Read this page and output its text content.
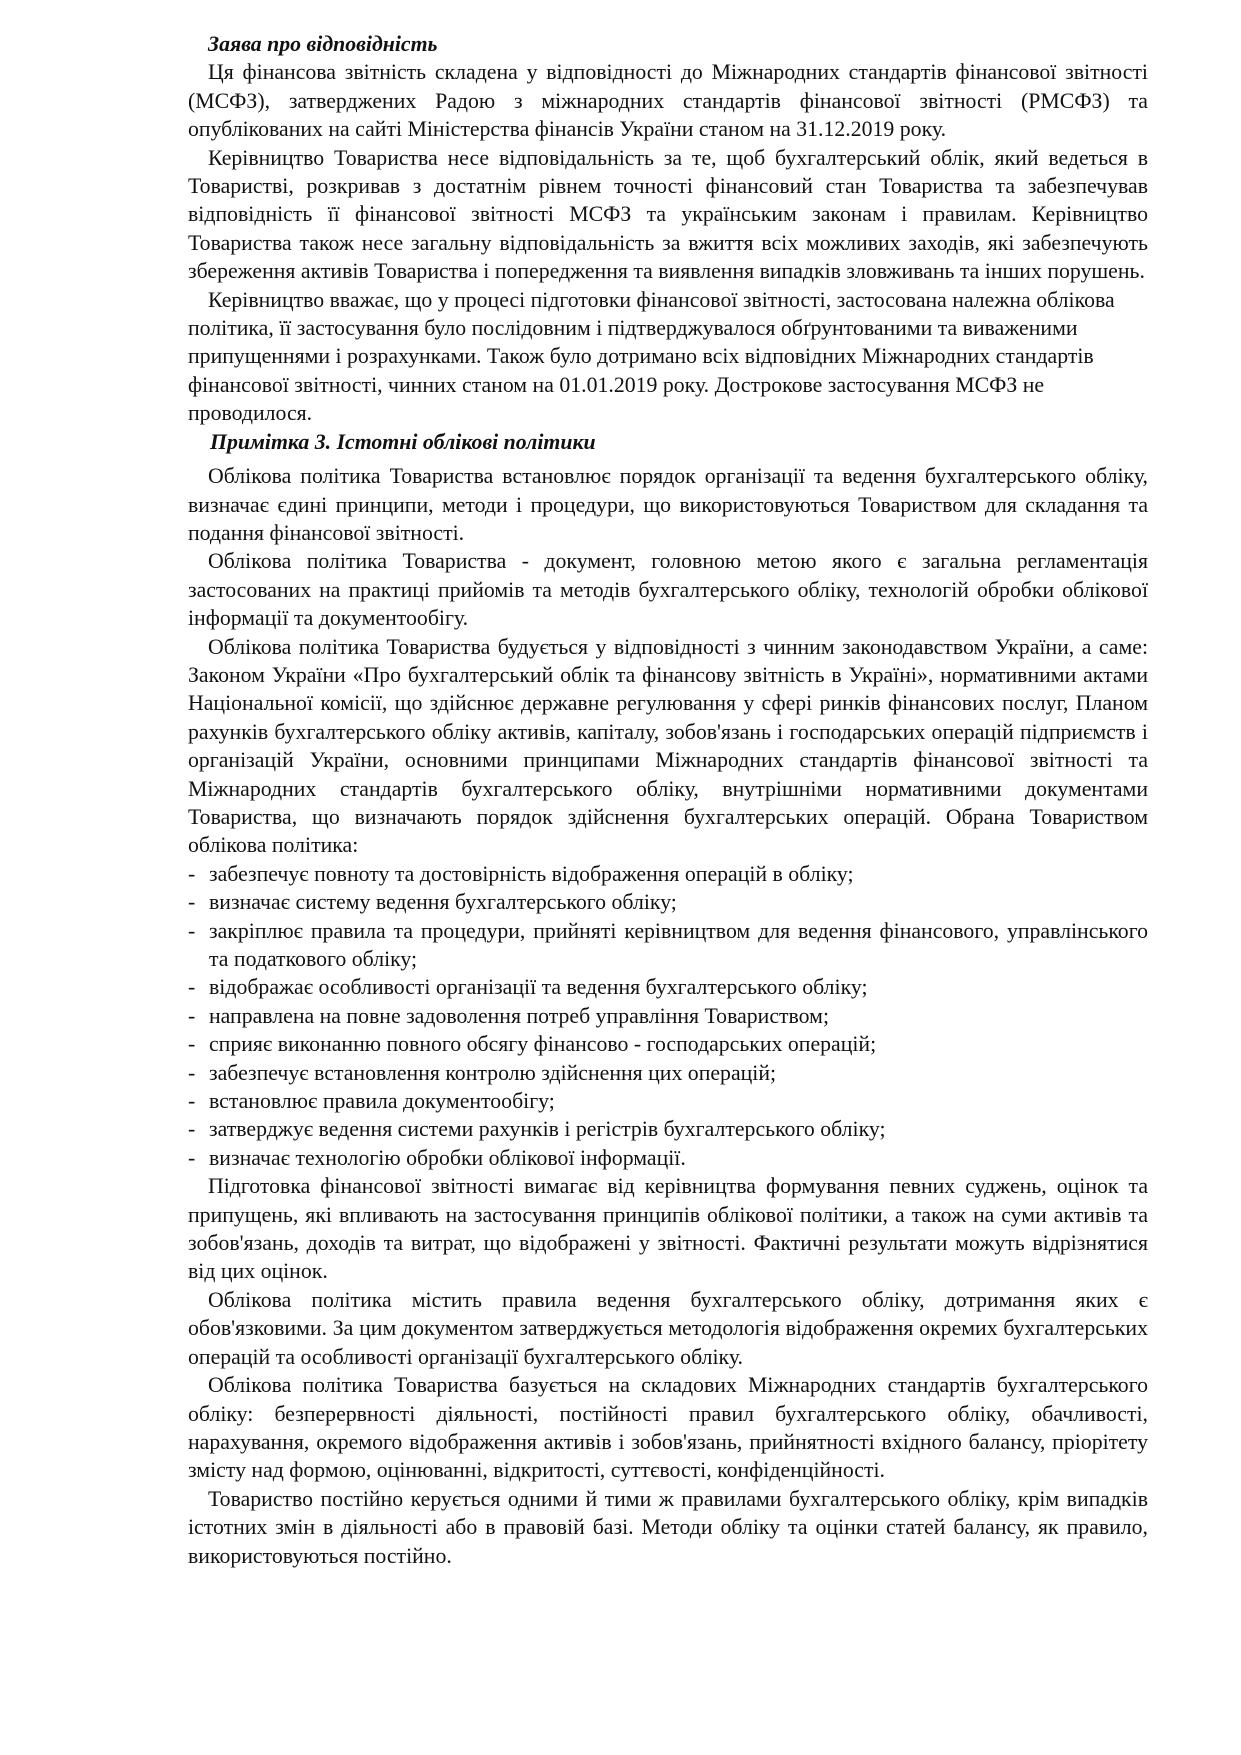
Заява про відповідність

Ця фінансова звітність складена у відповідності до Міжнародних стандартів фінансової звітності (МСФЗ), затверджених Радою з міжнародних стандартів фінансової звітності (РМСФЗ) та опублікованих на сайті Міністерства фінансів України станом на 31.12.2019 року.

Керівництво Товариства несе відповідальність за те, щоб бухгалтерський облік, який ведеться в Товаристві, розкривав з достатнім рівнем точності фінансовий стан Товариства та забезпечував відповідність її фінансової звітності МСФЗ та українським законам і правилам. Керівництво Товариства також несе загальну відповідальність за вжиття всіх можливих заходів, які забезпечують збереження активів Товариства і попередження та виявлення випадків зловживань та інших порушень.

Керівництво вважає, що у процесі підготовки фінансової звітності, застосована належна облікова політика, її застосування було послідовним і підтверджувалося обґрунтованими та виваженими припущеннями і розрахунками. Також було дотримано всіх відповідних Міжнародних стандартів фінансової звітності, чинних станом на 01.01.2019 року. Дострокове застосування МСФЗ не проводилося.

Примітка 3. Істотні облікові політики

Облікова політика Товариства встановлює порядок організації та ведення бухгалтерського обліку, визначає єдині принципи, методи і процедури, що використовуються Товариством для складання та подання фінансової звітності.

Облікова політика Товариства - документ, головною метою якого є загальна регламентація застосованих на практиці прийомів та методів бухгалтерського обліку, технологій обробки облікової інформації та документообігу.

Облікова політика Товариства будується у відповідності з чинним законодавством України, а саме: Законом України «Про бухгалтерський облік та фінансову звітність в Україні», нормативними актами Національної комісії, що здійснює державне регулювання у сфері ринків фінансових послуг, Планом рахунків бухгалтерського обліку активів, капіталу, зобов'язань і господарських операцій підприємств і організацій України, основними принципами Міжнародних стандартів фінансової звітності та Міжнародних стандартів бухгалтерського обліку, внутрішніми нормативними документами Товариства, що визначають порядок здійснення бухгалтерських операцій. Обрана Товариством облікова політика:

- забезпечує повноту та достовірність відображення операцій в обліку;
- визначає систему ведення бухгалтерського обліку;
- закріплює правила та процедури, прийняті керівництвом для ведення фінансового, управлінського та податкового обліку;
- відображає особливості організації та ведення бухгалтерського обліку;
- направлена на повне задоволення потреб управління Товариством;
- сприяє виконанню повного обсягу фінансово - господарських операцій;
- забезпечує встановлення контролю здійснення цих операцій;
- встановлює правила документообігу;
- затверджує ведення системи рахунків і регістрів бухгалтерського обліку;
- визначає технологію обробки облікової інформації.

Підготовка фінансової звітності вимагає від керівництва формування певних суджень, оцінок та припущень, які впливають на застосування принципів облікової політики, а також на суми активів та зобов'язань, доходів та витрат, що відображені у звітності. Фактичні результати можуть відрізнятися від цих оцінок.

Облікова політика містить правила ведення бухгалтерського обліку, дотримання яких є обов'язковими. За цим документом затверджується методологія відображення окремих бухгалтерських операцій та особливості організації бухгалтерського обліку.

Облікова політика Товариства базується на складових Міжнародних стандартів бухгалтерського обліку: безперервності діяльності, постійності правил бухгалтерського обліку, обачливості, нарахування, окремого відображення активів і зобов'язань, прийнятності вхідного балансу, пріорітету змісту над формою, оцінюванні, відкритості, суттєвості, конфіденційності.

Товариство постійно керується одними й тими ж правилами бухгалтерського обліку, крім випадків істотних змін в діяльності або в правовій базі. Методи обліку та оцінки статей балансу, як правило, використовуються постійно.
